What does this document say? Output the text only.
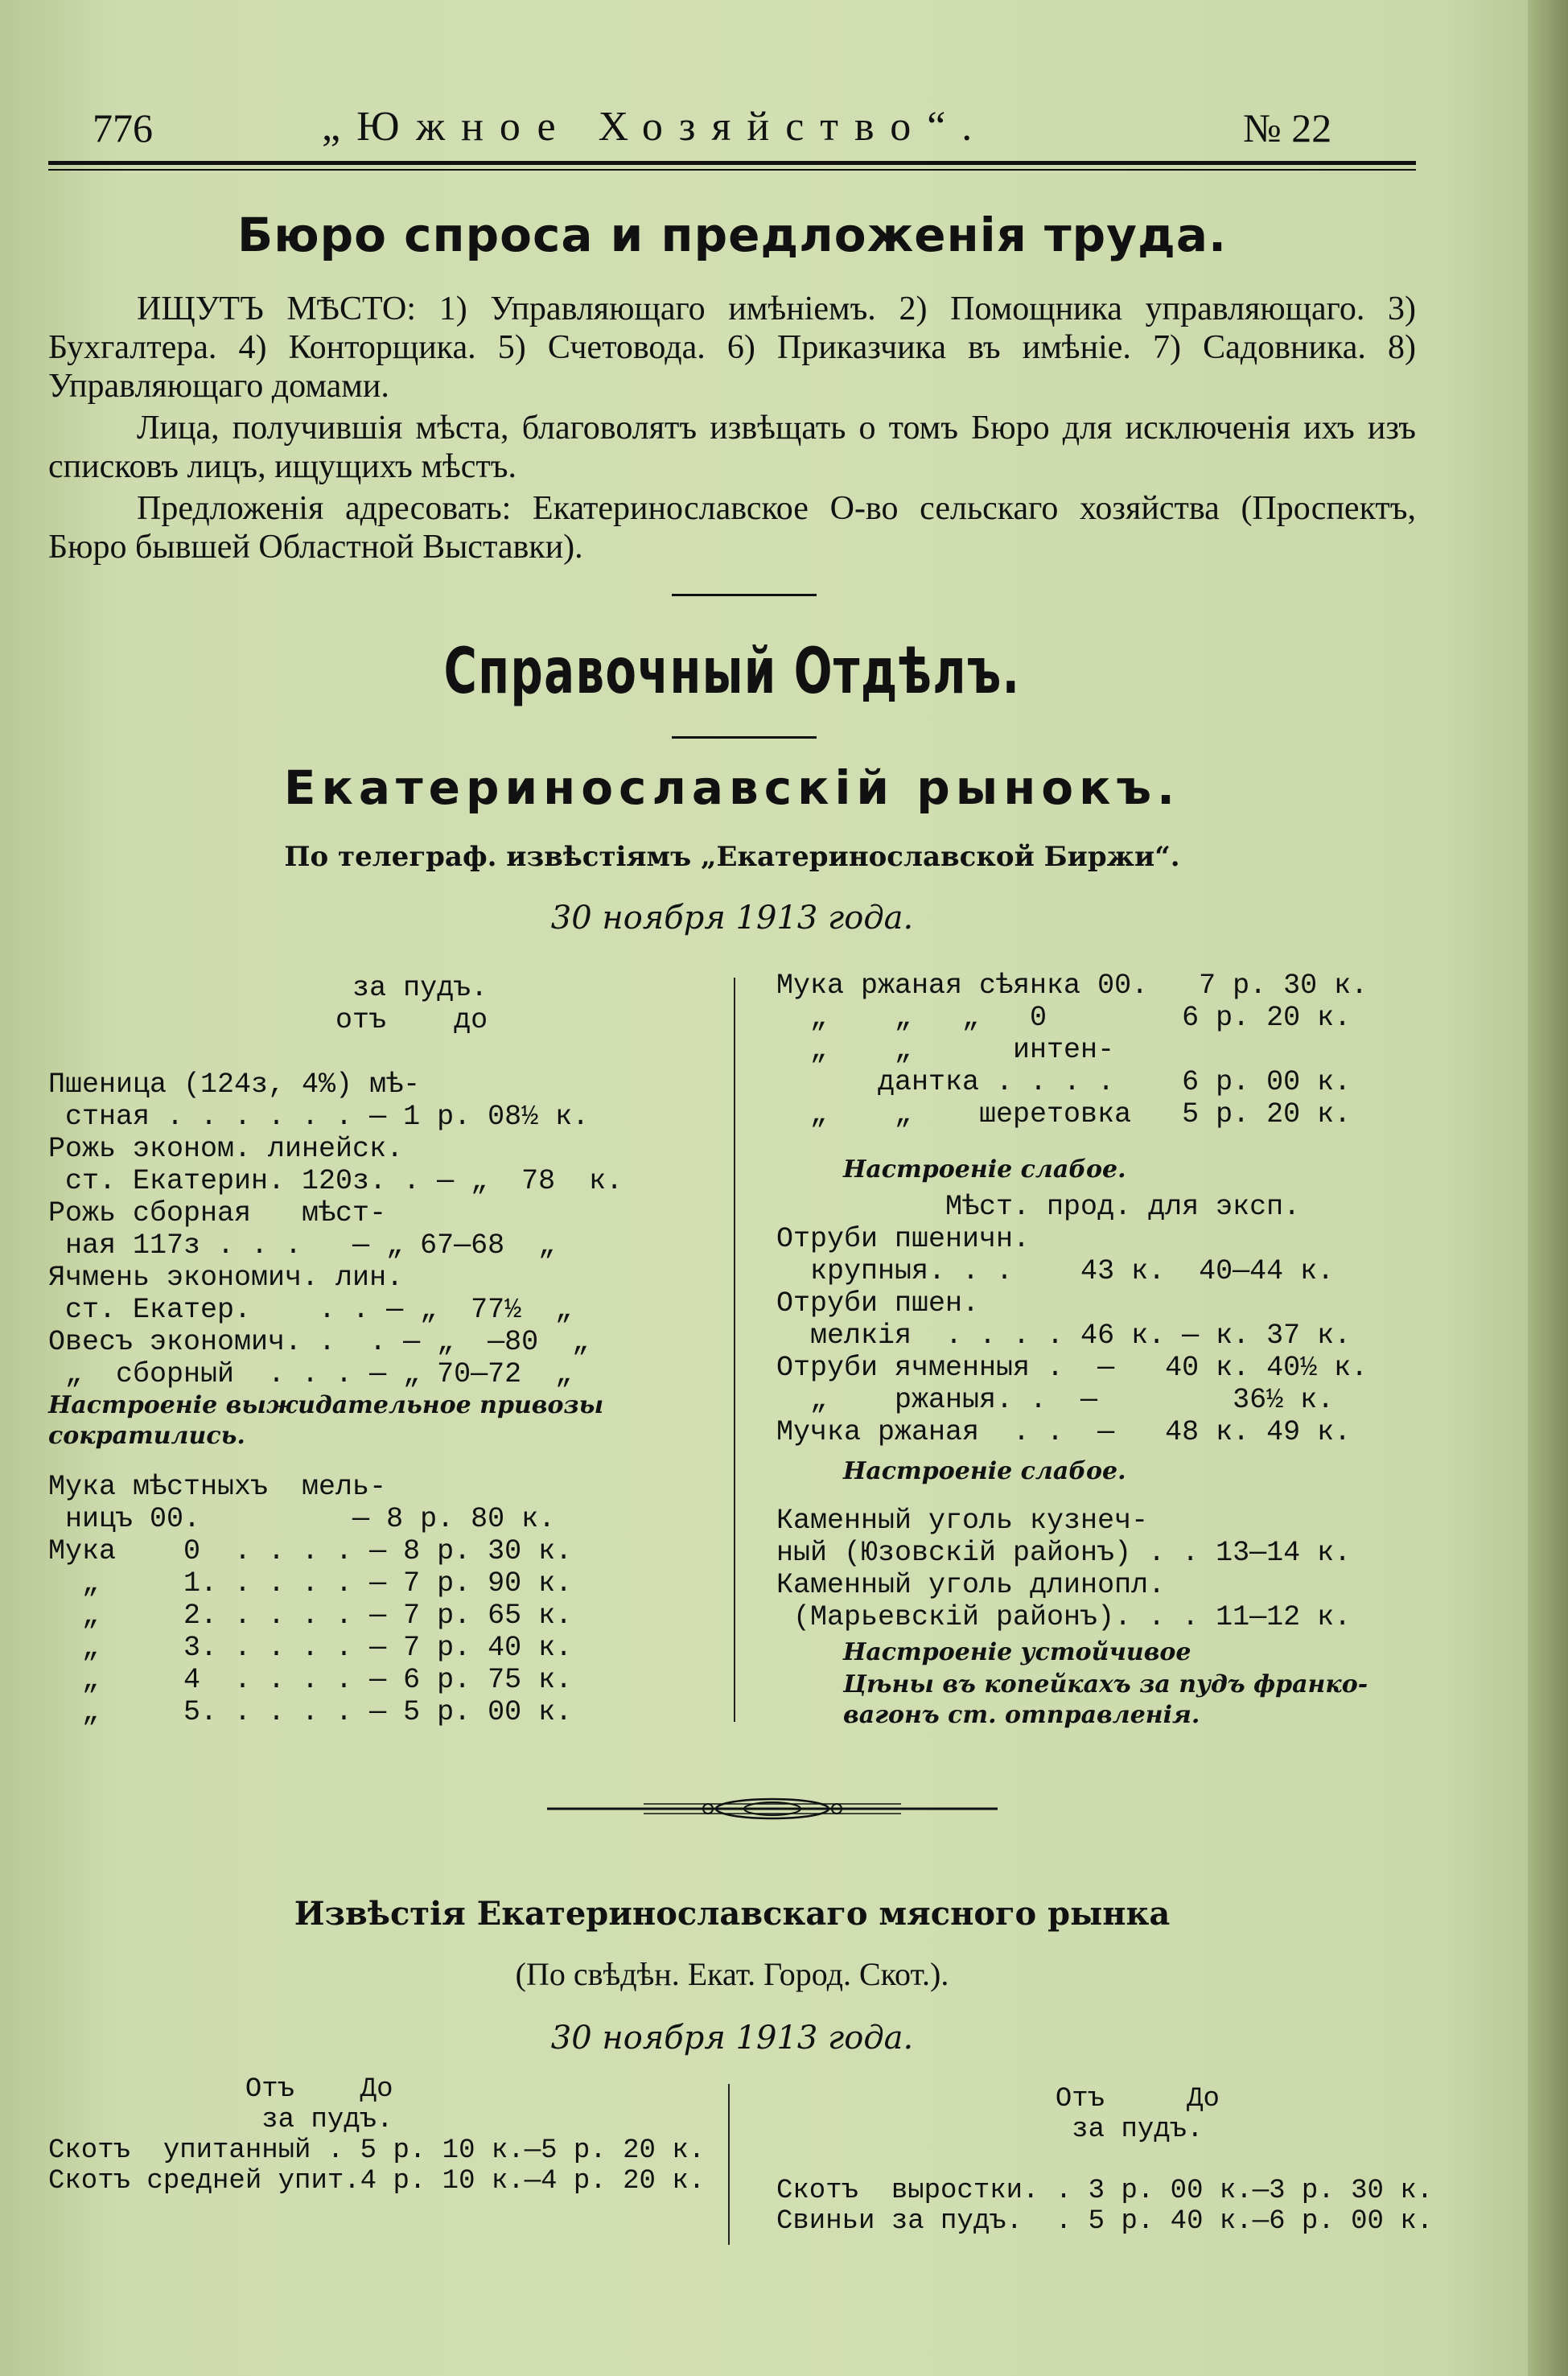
776	„Южное Хозяйство“.	№ 22
Бюро спроса и предложенія труда.
ИЩУТЪ МѢСТО: 1) Управляющаго имѣніемъ. 2) Помощника управляющаго. 3) Бухгалтера. 4) Конторщика. 5) Счетовода. 6) Приказчика въ имѣніе. 7) Садовника. 8) Управляющаго домами.
Лица, получившія мѣста, благоволятъ извѣщать о томъ Бюро для исключенія ихъ изъ списковъ лицъ, ищущихъ мѣстъ.
Предложенія адресовать: Екатеринославское О-во сельскаго хозяйства (Проспектъ, Бюро бывшей Областной Выставки).
Справочный Отдѣлъ.
Екатеринославскій рынокъ.
По телеграф. извѣстіямъ „Екатеринославской Биржи“.
30 ноября 1913 года.
за пудъ.
отъ    до

Пшеница (124з, 4%) мѣ-
стная . . . . . . — 1 р. 08½ к.
Рожь эконом. линейск.
ст. Екатерин. 120з. . — „  78  к.
Рожь сборная   мѣст-
ная 117з . . .   — „ 67—68  „
Ячмень экономич. лин.
ст. Екатер.    . . — „  77½  „
Овесъ экономич. .  . — „  —80  „
„  сборный  . . . — „ 70—72  „
Настроеніе выжидательное привозы сократились.
Мука мѣстныхъ  мель-
ницъ 00.         — 8 р. 80 к.
Мука    0  . . . . — 8 р. 30 к.
„     1. . . . . — 7 р. 90 к.
„     2. . . . . — 7 р. 65 к.
„     3. . . . . — 7 р. 40 к.
„     4  . . . . — 6 р. 75 к.
„     5. . . . . — 5 р. 00 к.
Мука ржаная сѣянка 00.   7 р. 30 к.
„    „   „   0        6 р. 20 к.
„    „      интен-
дантка . . . .    6 р. 00 к.
„    „    шеретовка   5 р. 20 к.
Настроеніе слабое.
Мѣст. прод. для эксп.
Отруби пшеничн.
крупныя. . .    43 к.  40—44 к.
Отруби пшен.
мелкія  . . . . 46 к. — к. 37 к.
Отруби ячменныя .  —   40 к. 40½ к.
„    ржаныя. .  —        36½ к.
Мучка ржаная  . .  —   48 к. 49 к.
Настроеніе слабое.
Каменный уголь кузнеч-
ный (Юзовскій районъ) . . 13—14 к.
Каменный уголь длинопл.
(Марьевскій районъ). . . 11—12 к.
Настроеніе устойчивое
Цѣны въ копейкахъ за пудъ франко-вагонъ ст. отправленія.
Извѣстія Екатеринославскаго мясного рынка
(По свѣдѣн. Екат. Город. Скот.).
30 ноября 1913 года.
Отъ    До
за пудъ.
Скотъ  упитанный . 5 р. 10 к.—5 р. 20 к.
Скотъ средней упит.4 р. 10 к.—4 р. 20 к.
Отъ     До
за пудъ.

Скотъ  выростки. . 3 р. 00 к.—3 р. 30 к.
Свиньи за пудъ.  . 5 р. 40 к.—6 р. 00 к.
